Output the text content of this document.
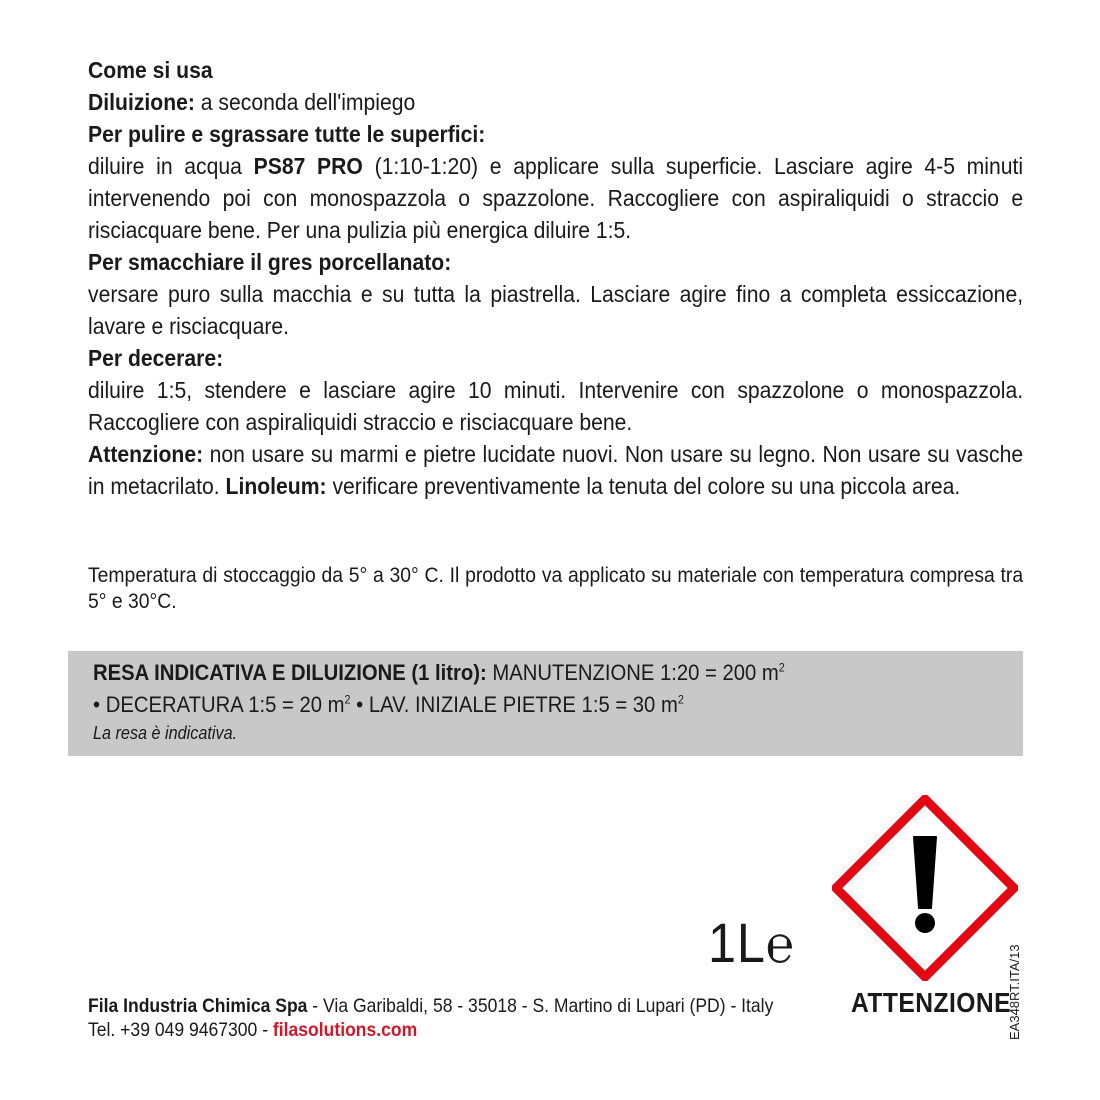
Come si usa

Diluizione: a seconda dell'impiego

Per pulire e sgrassare tutte le superfici:

diluire in acqua PS87 PRO (1:10-1:20) e applicare sulla superficie. Lasciare agire 4-5 minuti intervenendo poi con monospazzola o spazzolone. Raccogliere con aspiraliquidi o straccio e risciacquare bene. Per una pulizia più energica diluire 1:5.

Per smacchiare il gres porcellanato:

versare puro sulla macchia e su tutta la piastrella. Lasciare agire fino a completa essiccazione, lavare e risciacquare.

Per decerare:

diluire 1:5, stendere e lasciare agire 10 minuti. Intervenire con spazzolone o monospazzola. Raccogliere con aspiraliquidi straccio e risciacquare bene.

Attenzione: non usare su marmi e pietre lucidate nuovi. Non usare su legno. Non usare su vasche in metacrilato. Linoleum: verificare preventivamente la tenuta del colore su una piccola area.

Temperatura di stoccaggio da 5° a 30° C. Il prodotto va applicato su materiale con temperatura compresa tra 5° e 30°C.

RESA INDICATIVA E DILUIZIONE (1 litro): MANUTENZIONE 1:20 = 200 $m^2$

• DECERATURA 1:5 = 20 $m^2$ • LAV. INIZIALE PIETRE 1:5 = 30 $m^2$

La resa è indicativa.

1L℮
ATTENZIONE
EA348RT.ITA/13

Fila Industria Chimica Spa - Via Garibaldi, 58 - 35018 - S. Martino di Lupari (PD) - Italy

Tel. +39 049 9467300 - filasolutions.com
